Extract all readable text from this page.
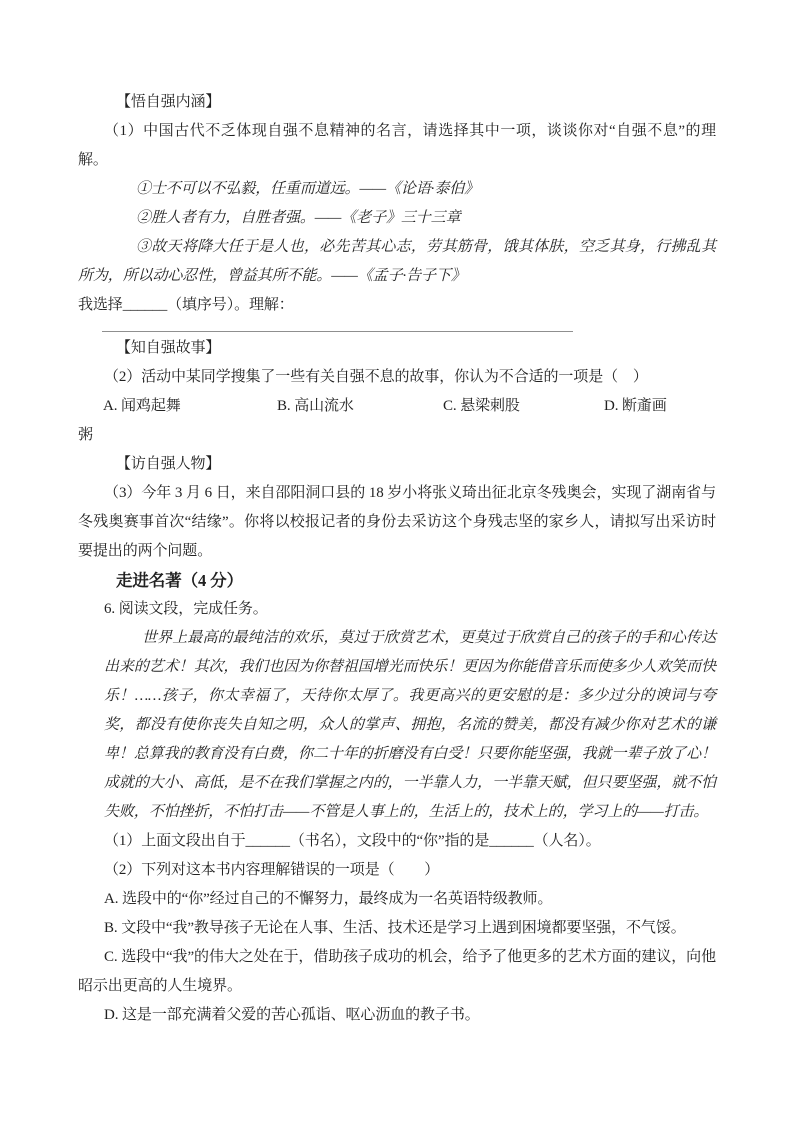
【悟自强内涵】

（1）中国古代不乏体现自强不息精神的名言，请选择其中一项，谈谈你对“自强不息”的理解。

①士不可以不弘毅，任重而道远。——《论语·泰伯》

②胜人者有力，自胜者强。——《老子》三十三章

③故天将降大任于是人也，必先苦其心志，劳其筋骨，饿其体肤，空乏其身，行拂乱其所为，所以动心忍性，曾益其所不能。——《孟子·告子下》

我选择______（填序号）。理解：

【知自强故事】

（2）活动中某同学搜集了一些有关自强不息的故事，你认为不合适的一项是（　）

A. 闻鸡起舞	B. 高山流水	C. 悬梁刺股	D. 断齑画

粥

【访自强人物】

（3）今年 3 月 6 日，来自邵阳洞口县的 18 岁小将张义琦出征北京冬残奥会，实现了湖南省与冬残奥赛事首次“结缘”。你将以校报记者的身份去采访这个身残志坚的家乡人，请拟写出采访时要提出的两个问题。

走进名著（4 分）

6. 阅读文段，完成任务。

世界上最高的最纯洁的欢乐，莫过于欣赏艺术，更莫过于欣赏自己的孩子的手和心传达出来的艺术！其次，我们也因为你替祖国增光而快乐！更因为你能借音乐而使多少人欢笑而快乐！……孩子，你太幸福了，天待你太厚了。我更高兴的更安慰的是：多少过分的谀词与夸奖，都没有使你丧失自知之明，众人的掌声、拥抱，名流的赞美，都没有减少你对艺术的谦卑！总算我的教育没有白费，你二十年的折磨没有白受！只要你能坚强，我就一辈子放了心！成就的大小、高低，是不在我们掌握之内的，一半靠人力，一半靠天赋，但只要坚强，就不怕失败，不怕挫折，不怕打击——不管是人事上的，生活上的，技术上的，学习上的——打击。

（1）上面文段出自于______（书名），文段中的“你”指的是______（人名）。

（2）下列对这本书内容理解错误的一项是（　　）

A. 选段中的“你”经过自己的不懈努力，最终成为一名英语特级教师。

B. 文段中“我”教导孩子无论在人事、生活、技术还是学习上遇到困境都要坚强，不气馁。

C. 选段中“我”的伟大之处在于，借助孩子成功的机会，给予了他更多的艺术方面的建议，向他昭示出更高的人生境界。

D. 这是一部充满着父爱的苦心孤诣、呕心沥血的教子书。
